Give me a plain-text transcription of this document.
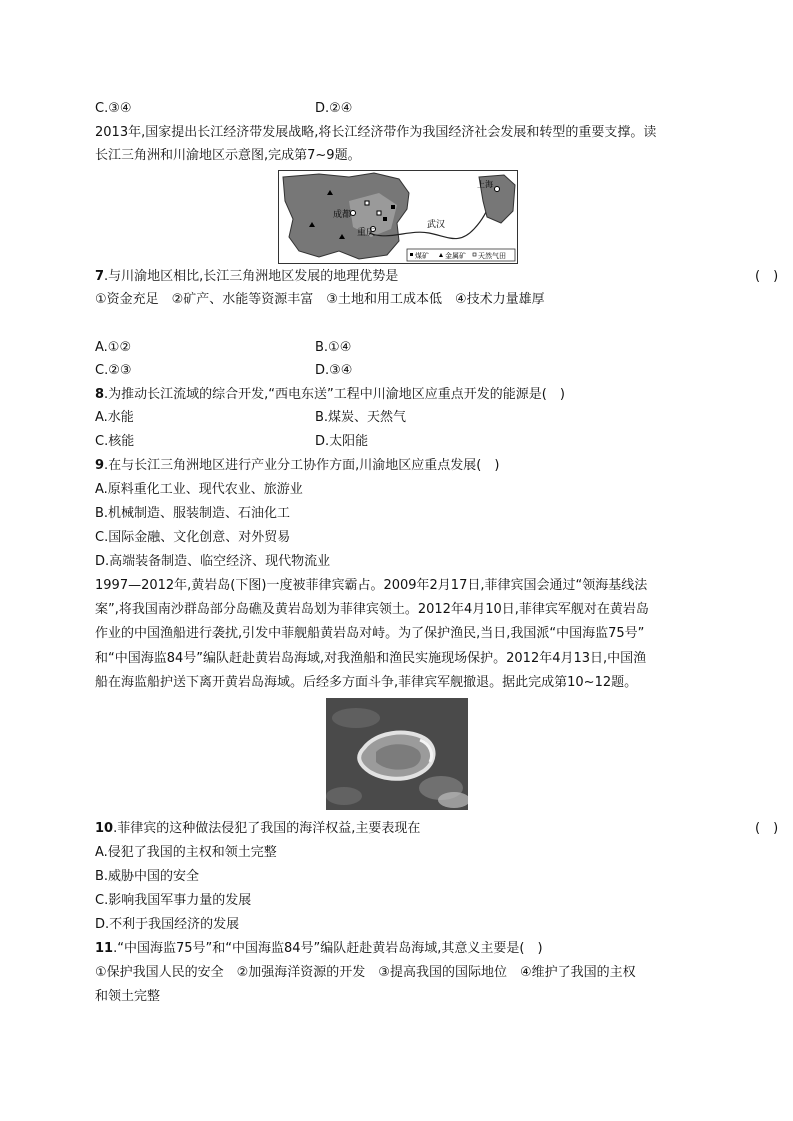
C.③④	D.②④
2013年,国家提出长江经济带发展战略,将长江经济带作为我国经济社会发展和转型的重要支撑。读
长江三角洲和川渝地区示意图,完成第7~9题。
成都
重庆
武汉
上海
煤矿 金属矿 天然气田
7.与川渝地区相比,长江三角洲地区发展的地理优势是	(　)
①资金充足　②矿产、水能等资源丰富　③土地和用工成本低　④技术力量雄厚
A.①②	B.①④
C.②③	D.③④
8.为推动长江流域的综合开发,“西电东送”工程中川渝地区应重点开发的能源是(　)
A.水能	B.煤炭、天然气
C.核能	D.太阳能
9.在与长江三角洲地区进行产业分工协作方面,川渝地区应重点发展(　)
A.原料重化工业、现代农业、旅游业
B.机械制造、服装制造、石油化工
C.国际金融、文化创意、对外贸易
D.高端装备制造、临空经济、现代物流业
1997—2012年,黄岩岛(下图)一度被菲律宾霸占。2009年2月17日,菲律宾国会通过“领海基线法
案”,将我国南沙群岛部分岛礁及黄岩岛划为菲律宾领土。2012年4月10日,菲律宾军舰对在黄岩岛
作业的中国渔船进行袭扰,引发中菲舰船黄岩岛对峙。为了保护渔民,当日,我国派“中国海监75号”
和“中国海监84号”编队赶赴黄岩岛海域,对我渔船和渔民实施现场保护。2012年4月13日,中国渔
船在海监船护送下离开黄岩岛海域。后经多方面斗争,菲律宾军舰撤退。据此完成第10~12题。
10.菲律宾的这种做法侵犯了我国的海洋权益,主要表现在	(　)
A.侵犯了我国的主权和领土完整
B.威胁中国的安全
C.影响我国军事力量的发展
D.不利于我国经济的发展
11.“中国海监75号”和“中国海监84号”编队赶赴黄岩岛海域,其意义主要是(　)
①保护我国人民的安全　②加强海洋资源的开发　③提高我国的国际地位　④维护了我国的主权
和领土完整
